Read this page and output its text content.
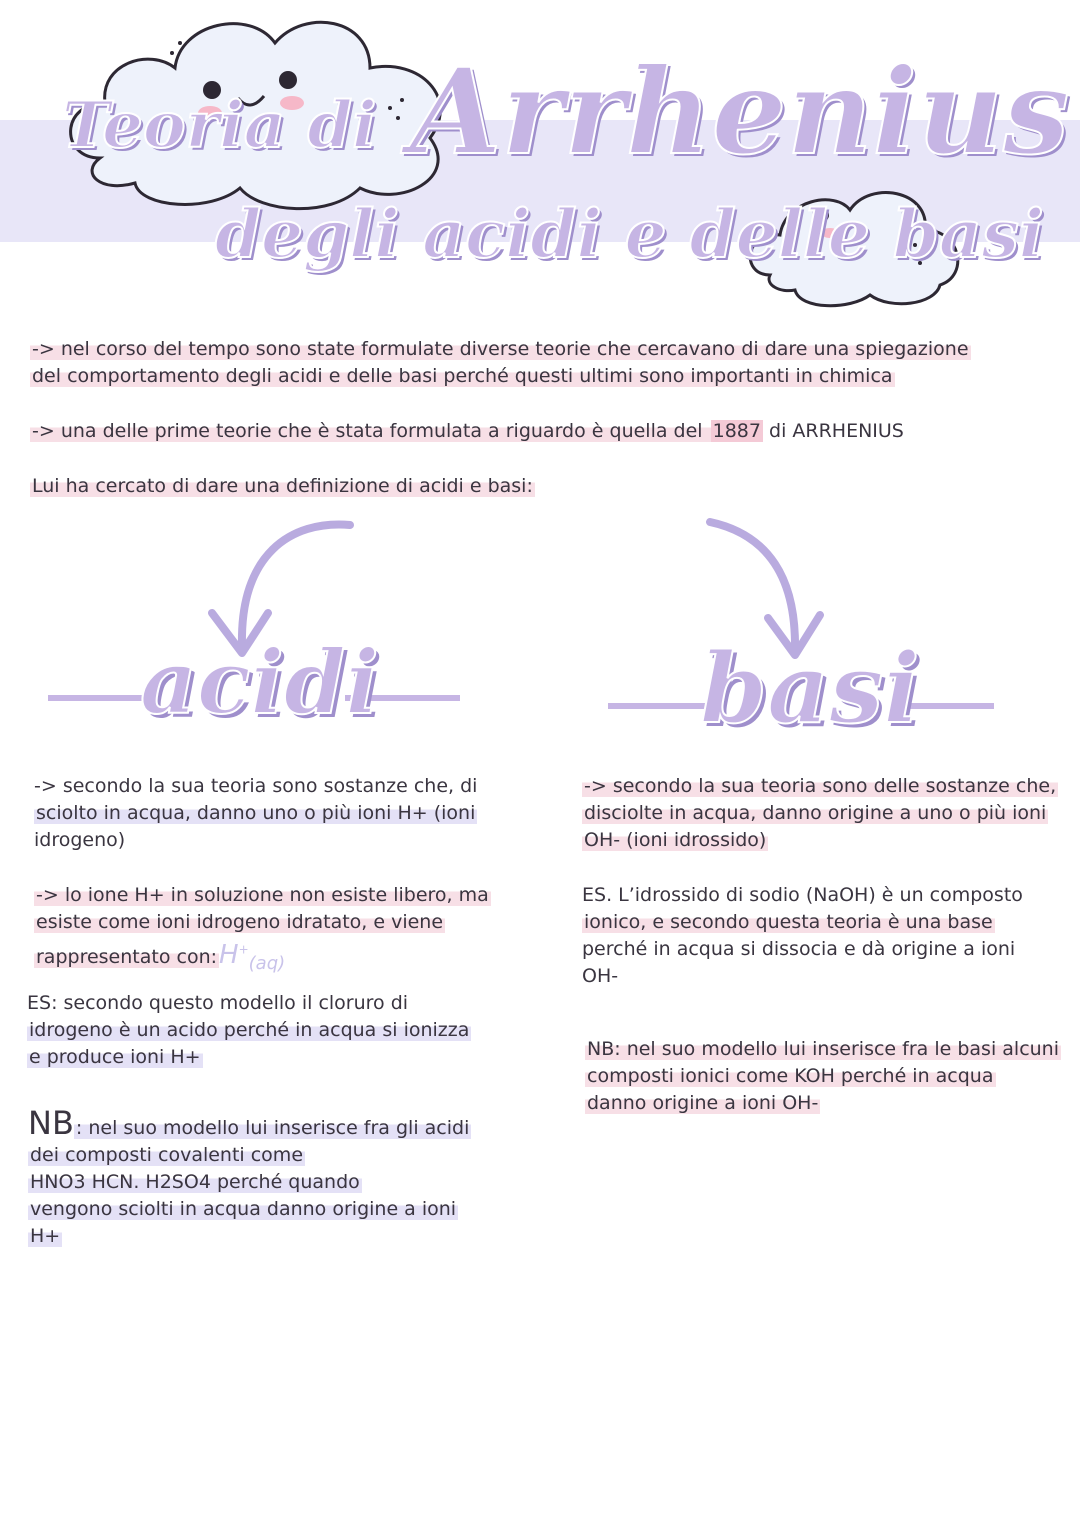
Teoria di Arrhenius
degli acidi e delle basi
-> nel corso del tempo sono state formulate diverse teorie che cercavano di dare una spiegazione
del comportamento degli acidi e delle basi perché questi ultimi sono importanti in chimica
-> una delle prime teorie che è stata formulata a riguardo è quella del 1887 di ARRHENIUS
Lui ha cercato di dare una definizione di acidi e basi:
acidi	basi
-> secondo la sua teoria sono sostanze che, di
sciolto in acqua, danno uno o più ioni H+ (ioni
idrogeno)
-> lo ione H+ in soluzione non esiste libero, ma
esiste come ioni idrogeno idratato, e viene
rappresentato $con:H^+_{(aq)}$
ES: secondo questo modello il cloruro di
idrogeno è un acido perché in acqua si ionizza
e produce ioni H+
NB : nel suo modello lui inserisce fra gli acidi
dei composti covalenti come
HNO3 HCN. H2SO4 perché quando
vengono sciolti in acqua danno origine a ioni
H+
-> secondo la sua teoria sono delle sostanze che,
disciolte in acqua, danno origine a uno o più ioni
OH- (ioni idrossido)
ES. L’idrossido di sodio (NaOH) è un composto
ionico, e secondo questa teoria è una base
perché in acqua si dissocia e dà origine a ioni
OH-
NB: nel suo modello lui inserisce fra le basi alcuni
composti ionici come KOH perché in acqua
danno origine a ioni OH-
